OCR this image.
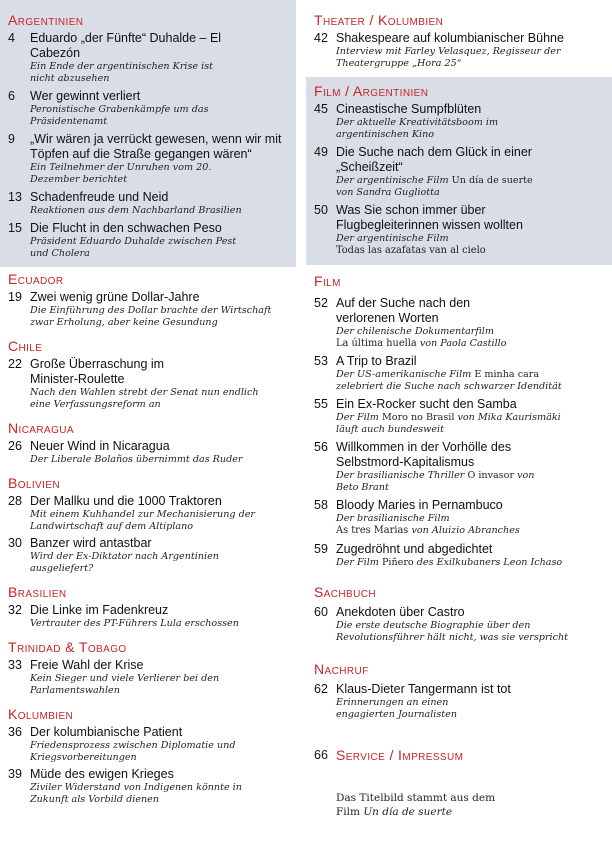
Argentinien
4	Eduardo „der Fünfte“ Duhalde – El Cabezón
Ein Ende der argentinischen Krise ist nicht abzusehen
6	Wer gewinnt verliert
Peronistische Grabenkämpfe um das Präsidentenamt
9	„Wir wären ja verrückt gewesen, wenn wir mit Töpfen auf die Straße gegangen wären“
Ein Teilnehmer der Unruhen vom 20. Dezember berichtet
13 Schadenfreude und Neid
Reaktionen aus dem Nachbarland Brasilien
15 Die Flucht in den schwachen Peso
Präsident Eduardo Duhalde zwischen Pest und Cholera
Ecuador
19 Zwei wenig grüne Dollar-Jahre
Die Einführung des Dollar brachte der Wirtschaft zwar Erholung, aber keine Gesundung
Chile
22 Große Überraschung im Minister-Roulette
Nach den Wahlen strebt der Senat nun endlich eine Verfassungsreform an
Nicaragua
26 Neuer Wind in Nicaragua
Der Liberale Bolaños übernimmt das Ruder
Bolivien
28 Der Mallku und die 1000 Traktoren
Mit einem Kuhhandel zur Mechanisierung der Landwirtschaft auf dem Altiplano
30 Banzer wird antastbar
Wird der Ex-Diktator nach Argentinien ausgeliefert?
Brasilien
32 Die Linke im Fadenkreuz
Vertrauter des PT-Führers Lula erschossen
Trinidad & Tobago
33 Freie Wahl der Krise
Kein Sieger und viele Verlierer bei den Parlamentswahlen
Kolumbien
36 Der kolumbianische Patient
Friedensprozess zwischen Diplomatie und Kriegsvorbereitungen
39 Müde des ewigen Krieges
Ziviler Widerstand von Indigenen könnte in Zukunft als Vorbild dienen
Theater / Kolumbien
42 Shakespeare auf kolumbianischer Bühne
Interview mit Farley Velasquez, Regisseur der Theatergruppe „Hora 25“
Film / Argentinien
45 Cineastische Sumpfblüten
Der aktuelle Kreativitätsboom im argentinischen Kino
49 Die Suche nach dem Glück in einer „Scheißzeit“
Der argentinische Film Un día de suerte
von Sandra Gugliotta
50 Was Sie schon immer über Flugbegleiterinnen wissen wollten
Der argentinische Film
Todas las azafatas van al cielo
Film
52 Auf der Suche nach den verlorenen Worten
Der chilenische Dokumentarfilm
La última huella von Paola Castillo
53 A Trip to Brazil
Der US-amerikanische Film E minha cara zelebriert die Suche nach schwarzer Idendität
55 Ein Ex-Rocker sucht den Samba
Der Film Moro no Brasil von Mika Kaurismäki läuft auch bundesweit
56 Willkommen in der Vorhölle des Selbstmord-Kapitalismus
Der brasilianische Thriller O invasor von Beto Brant
58 Bloody Maries in Pernambuco
Der brasilianische Film
As tres Marias von Aluizio Abranches
59 Zugedröhnt und abgedichtet
Der Film Piñero des Exilkubaners Leon Ichaso
Sachbuch
60 Anekdoten über Castro
Die erste deutsche Biographie über den Revolutionsführer hält nicht, was sie verspricht
Nachruf
62 Klaus-Dieter Tangermann ist tot
Erinnerungen an einen engagierten Journalisten
66 Service / Impressum
Das Titelbild stammt aus dem
Film Un día de suerte
